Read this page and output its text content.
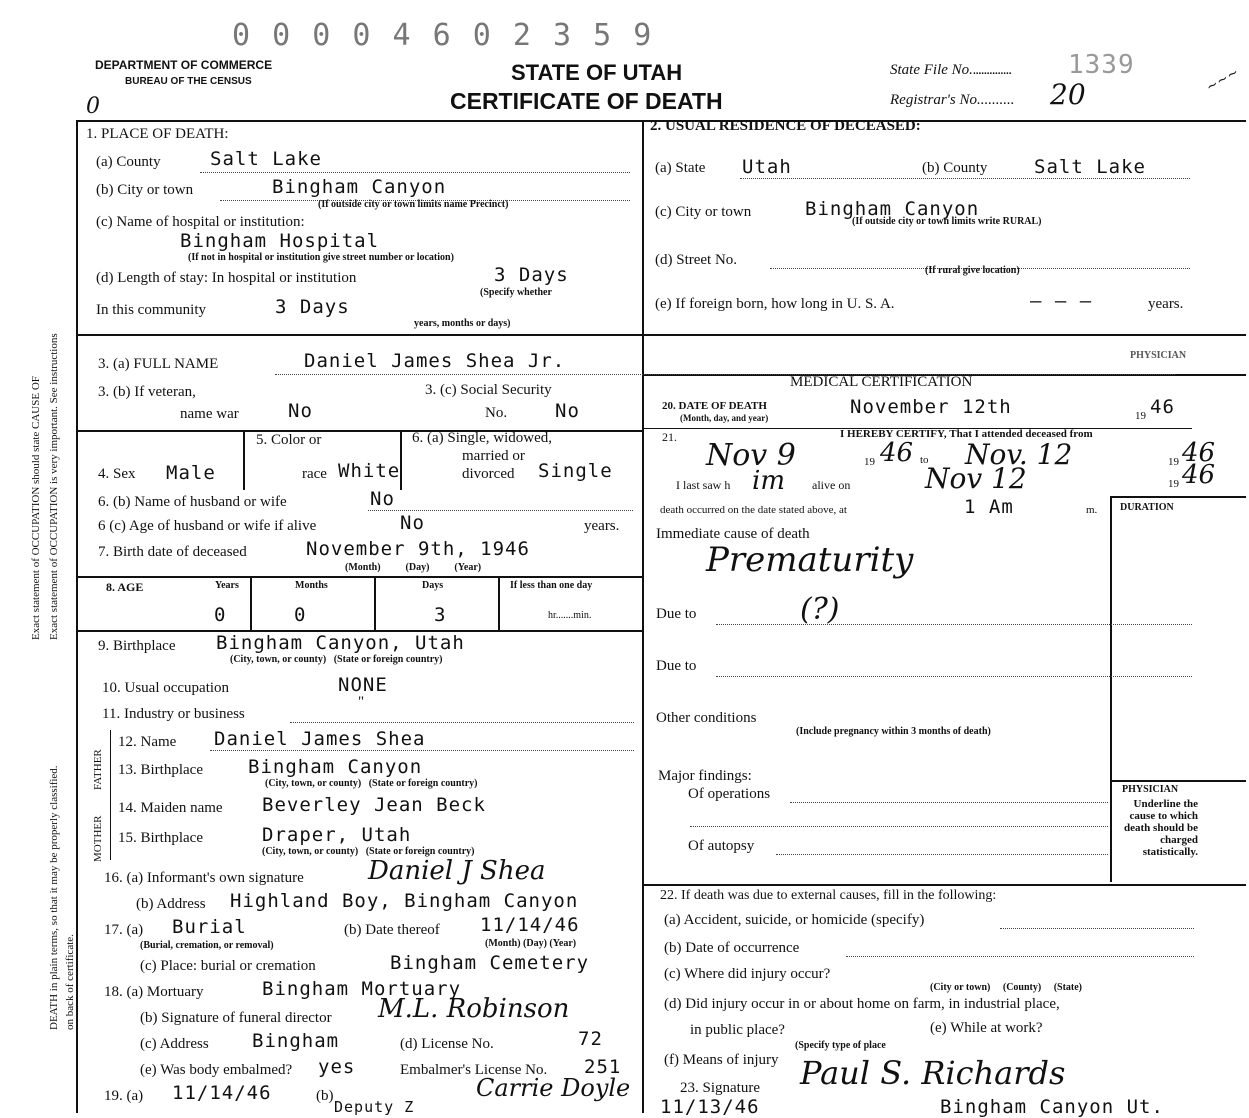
0 0 0 0 4 6 0 2 3 5 9
DEPARTMENT OF COMMERCE
BUREAU OF THE CENSUS	STATE OF UTAH
CERTIFICATE OF DEATH
State File No............... 1339
Registrar's No.......... 20	~~~
0
Exact statement of OCCUPATION is very important. See instructions
Exact statement of OCCUPATION should state CAUSE OF
DEATH in plain terms, so that it may be properly classified. on back of certificate.
1. PLACE OF DEATH:
(a) County	Salt Lake
(b) City or town	Bingham Canyon
(If outside city or town limits name Precinct)
(c) Name of hospital or institution:
Bingham Hospital
(If not in hospital or institution give street number or location)
(d) Length of stay: In hospital or institution	3 Days
(Specify whether
In this community	3 Days
years, months or days)
2. USUAL RESIDENCE OF DECEASED:
(a) State Utah	(b) County Salt Lake
(c) City or town	Bingham Canyon
(If outside city or town limits write RURAL)
(d) Street No.
(If rural give location)
(e) If foreign born, how long in U. S. A.	— — —	years.
3. (a) FULL NAME	Daniel James Shea Jr.
3. (b) If veteran,
name war	No
3. (c) Social Security
No.	No
MEDICAL CERTIFICATION
PHYSICIAN
20. DATE OF DEATH
(Month, day, and year)	November 12th	19 46
4. Sex Male
5. Color or
race White
6. (a) Single, widowed,
married or
divorced Single
21.	I HEREBY CERTIFY, That I attended deceased from
Nov 9	19 46 to Nov. 12	19 46
I last saw h im alive on	Nov 12	19 46
6. (b) Name of husband or wife	No	death occurred on the date stated above, at	1 Am	m. DURATION
6 (c) Age of husband or wife if alive	No	years.
7. Birth date of deceased	November 9th, 1946
(Month)          (Day)          (Year)
Immediate cause of death
Prematurity
8. AGE	Years	Months	Days	If less than one day
hr.......min.
0	0	3	Due to	(?)
9. Birthplace Bingham Canyon, Utah
(City, town, or county)   (State or foreign country)	Due to
10. Usual occupation	NONE
11. Industry or business
"
Other conditions
(Include pregnancy within 3 months of death)
FATHER
MOTHER
12. Name Daniel James Shea
13. Birthplace Bingham Canyon
(City, town, or county)   (State or foreign country)	Major findings:
Of operations	PHYSICIAN
Underline the cause to which death should be charged statistically.
14. Maiden name Beverley Jean Beck
15. Birthplace	Draper, Utah
(City, town, or county)   (State or foreign country)	Of autopsy
16. (a) Informant's own signature Daniel J Shea
(b) Address Highland Boy, Bingham Canyon	22. If death was due to external causes, fill in the following:
(a) Accident, suicide, or homicide (specify)
(b) Date of occurrence
(c) Where did injury occur?
(City or town)     (County)     (State)
(d) Did injury occur in or about home on farm, in industrial place,
in public place?
(Specify type of place
(e) While at work?
(f) Means of injury
23. Signature Paul S. Richards
11/13/46	Bingham Canyon Ut.
17. (a) Burial
(Burial, cremation, or removal)
(b) Date thereof 11/14/46
(Month) (Day) (Year)
(c) Place: burial or cremation	Bingham Cemetery
18. (a) Mortuary	Bingham Mortuary
(b) Signature of funeral director M.L. Robinson
(c) Address Bingham	(d) License No.	72
(e) Was body embalmed? yes	Embalmer's License No. 251
19. (a) 11/14/46	(b)	Carrie Doyle
Deputy Z
